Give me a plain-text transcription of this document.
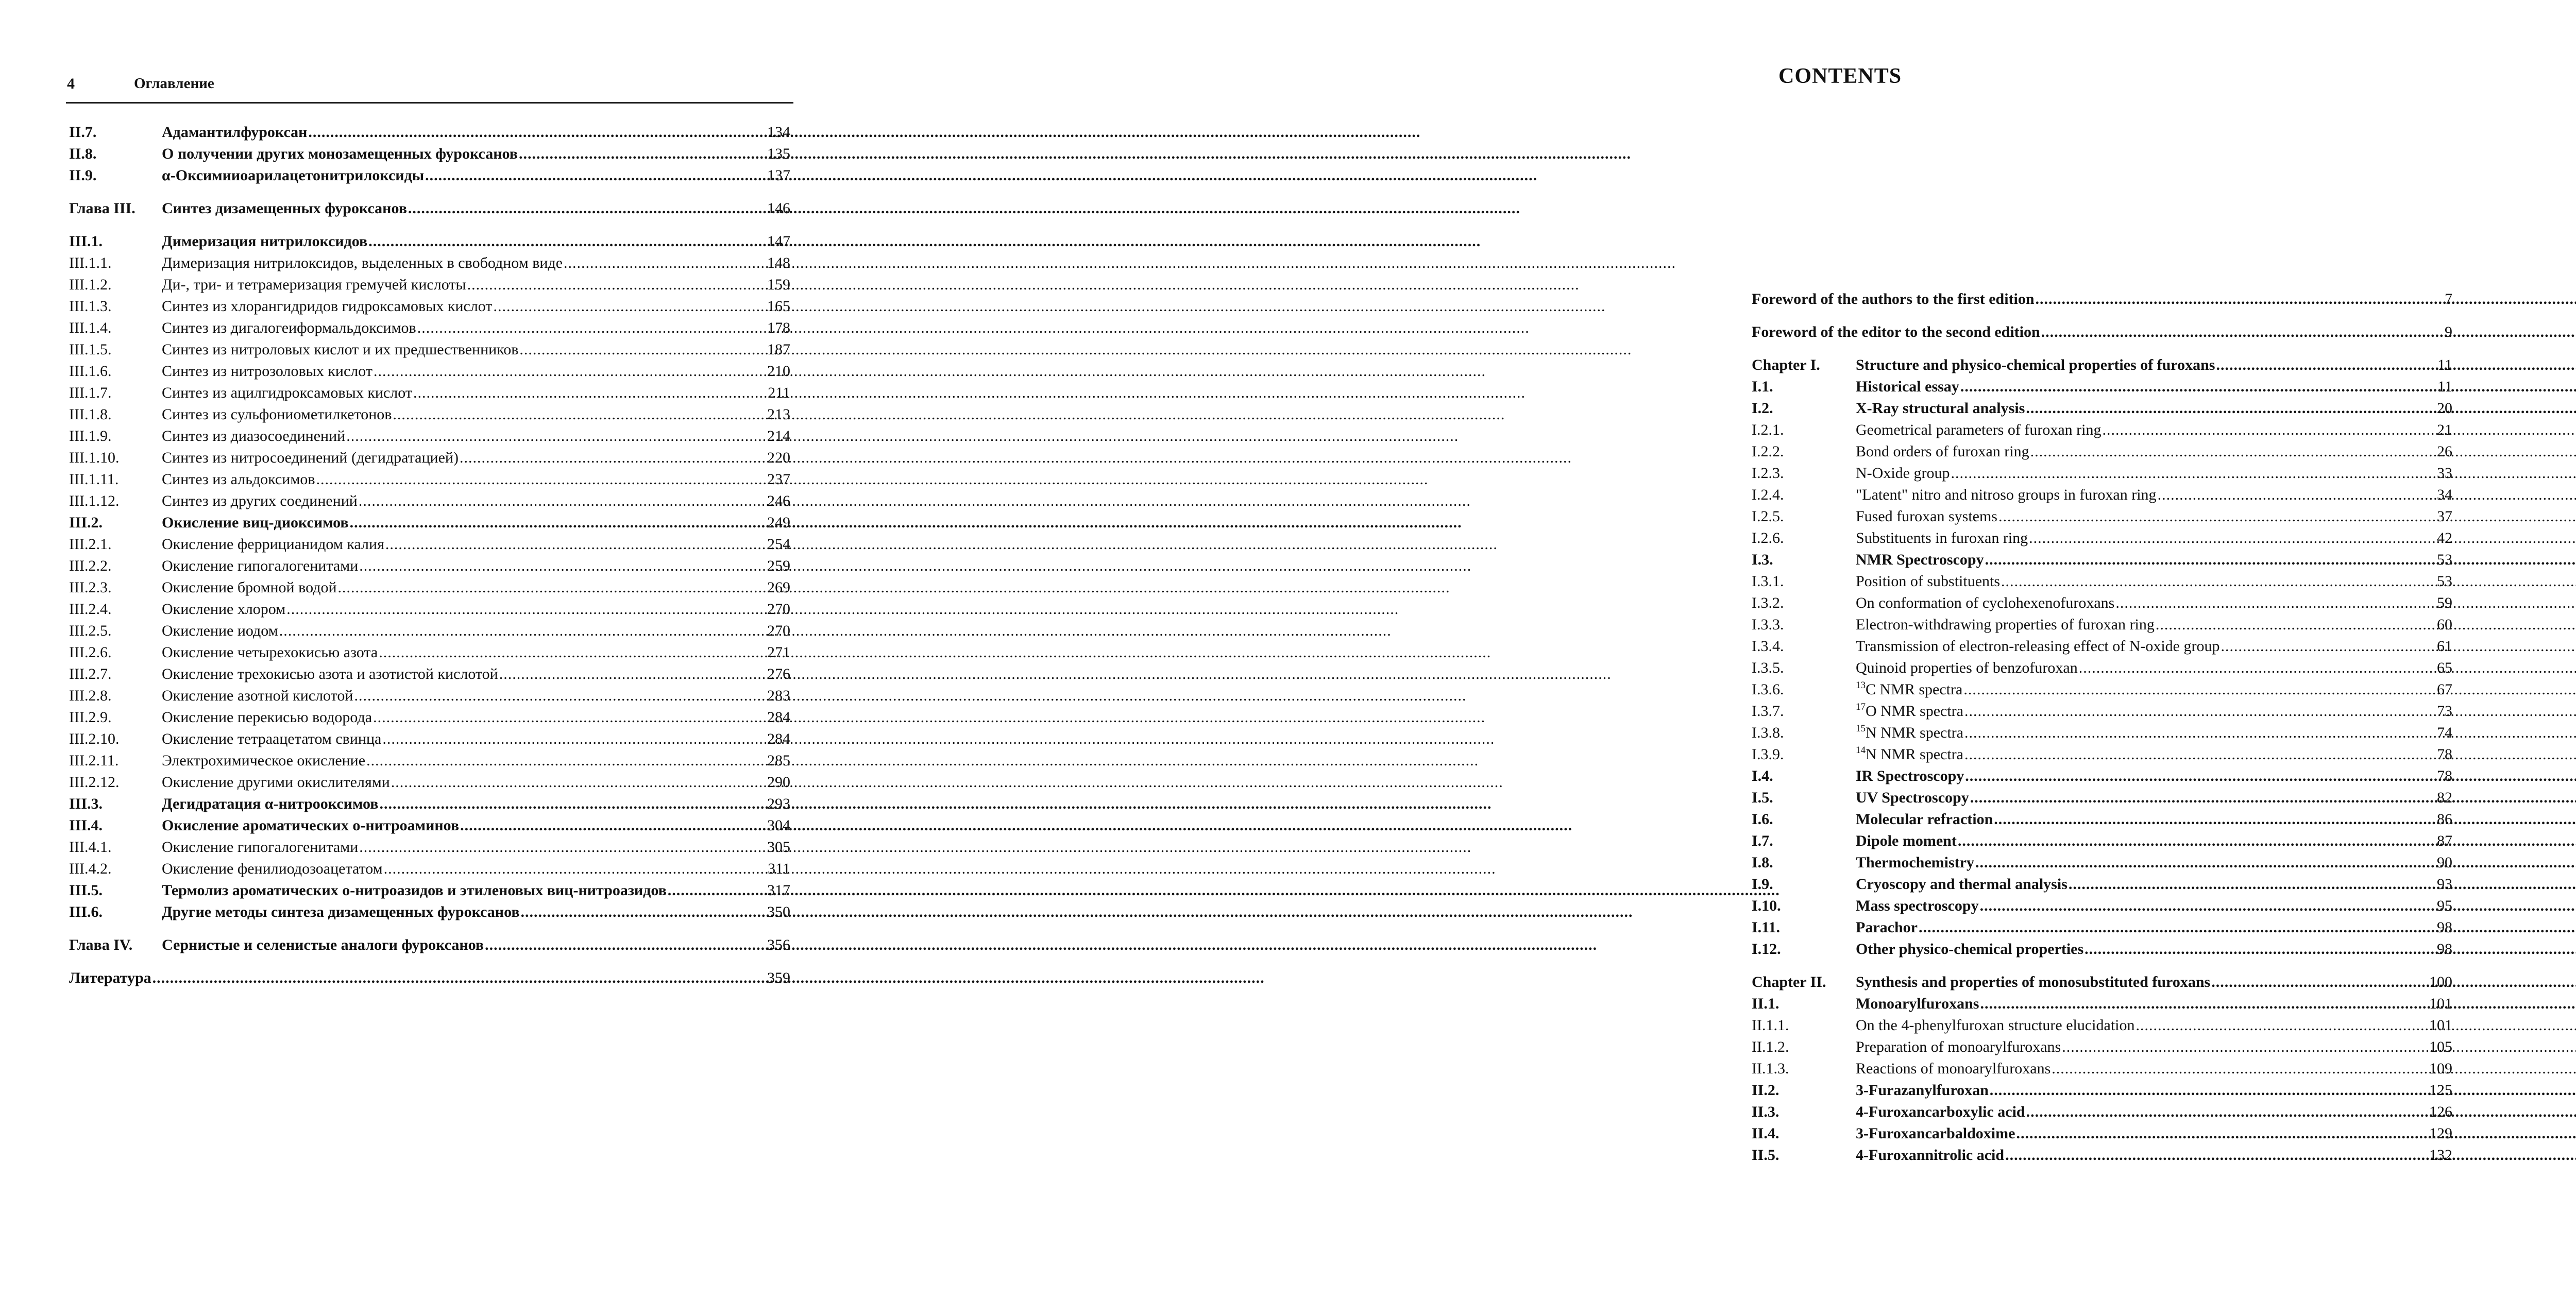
4	Оглавление
II.7.	Адамантилфуроксан .....	134
II.8.	О получении других монозамещенных фуроксанов .....	135
II.9.	α-Оксимииоарилацетонитрилоксиды .....	137
Глава III. Синтез дизамещенных фуроксанов .....	146
III.1.	Димеризация нитрилоксидов .....	147
III.1.1.	Димеризация нитрилоксидов, выделенных в свободном виде .....	148
III.1.2.	Ди-, три- и тетрамеризация гремучей кислоты .....	159
III.1.3.	Синтез из хлорангидридов гидроксамовых кислот .....	165
III.1.4.	Синтез из дигалогеиформальдоксимов .....	178
III.1.5.	Синтез из нитроловых кислот и их предшественников .....	187
III.1.6.	Синтез из нитрозоловых кислот .....	210
III.1.7.	Синтез из ацилгидроксамовых кислот .....	211
III.1.8.	Синтез из сульфониометилкетонов .....	213
III.1.9.	Синтез из диазосоединений .....	214
III.1.10.	Синтез из нитросоединений (дегидратацией) .....	220
III.1.11.	Синтез из альдоксимов .....	237
III.1.12.	Синтез из других соединений .....	246
III.2.	Окисление виц-диоксимов .....	249
III.2.1.	Окисление феррицианидом калия .....	254
III.2.2.	Окисление гипогалогенитами .....	259
III.2.3.	Окисление бромной водой .....	269
III.2.4.	Окисление хлором .....	270
III.2.5.	Окисление иодом .....	270
III.2.6.	Окисление четырехокисью азота .....	271
III.2.7.	Окисление трехокисью азота и азотистой кислотой .....	276
III.2.8.	Окисление азотной кислотой .....	283
III.2.9.	Окисление перекисью водорода .....	284
III.2.10.	Окисление тетраацетатом свинца .....	284
III.2.11.	Электрохимическое окисление .....	285
III.2.12.	Окисление другими окислителями .....	290
III.3.	Дегидратация α-нитрооксимов .....	293
III.4.	Окисление ароматических о-нитроаминов .....	304
III.4.1.	Окисление гипогалогенитами .....	305
III.4.2.	Окисление фенилиодозоацетатом .....	311
III.5.	Термолиз ароматических о-нитроазидов и этиленовых виц-нитроазидов .....	317
III.6.	Другие методы синтеза дизамещенных фуроксанов .....	350
Глава IV. Сернистые и селенистые аналоги фуроксанов .....	356
Литература .....	359
CONTENTS
Foreword of the authors to the first edition .....	7
Foreword of the editor to the second edition .....	9
Chapter I. Structure and physico-chemical properties of furoxans .....	11
I.1.	Historical essay .....	11
I.2.	X-Ray structural analysis .....	20
I.2.1.	Geometrical parameters of furoxan ring .....	21
I.2.2.	Bond orders of furoxan ring .....	26
I.2.3.	N-Oxide group .....	33
I.2.4.	"Latent" nitro and nitroso groups in furoxan ring .....	34
I.2.5.	Fused furoxan systems .....	37
I.2.6.	Substituents in furoxan ring .....	42
I.3.	NMR Spectroscopy .....	53
I.3.1.	Position of substituents .....	53
I.3.2.	On conformation of cyclohexenofuroxans .....	59
I.3.3.	Electron-withdrawing properties of furoxan ring .....	60
I.3.4.	Transmission of electron-releasing effect of N-oxide group .....	61
I.3.5.	Quinoid properties of benzofuroxan .....	65
I.3.6.	$^{13}$C NMR spectra .....	67
I.3.7.	$^{17}$O NMR spectra .....	73
I.3.8.	$^{15}$N NMR spectra .....	74
I.3.9.	$^{14}$N NMR spectra .....	78
I.4.	IR Spectroscopy .....	78
I.5.	UV Spectroscopy .....	82
I.6.	Molecular refraction .....	86
I.7.	Dipole moment .....	87
I.8.	Thermochemistry .....	90
I.9.	Cryoscopy and thermal analysis .....	93
I.10.	Mass spectroscopy .....	95
I.11.	Parachor .....	98
I.12.	Other physico-chemical properties .....	98
Chapter II. Synthesis and properties of monosubstituted furoxans .....	100
II.1.	Monoarylfuroxans .....	101
II.1.1.	On the 4-phenylfuroxan structure elucidation .....	101
II.1.2.	Preparation of monoarylfuroxans .....	105
II.1.3.	Reactions of monoarylfuroxans .....	109
II.2.	3-Furazanylfuroxan .....	125
II.3.	4-Furoxancarboxylic acid .....	126
II.4.	3-Furoxancarbaldoxime .....	129
II.5.	4-Furoxannitrolic acid .....	132
